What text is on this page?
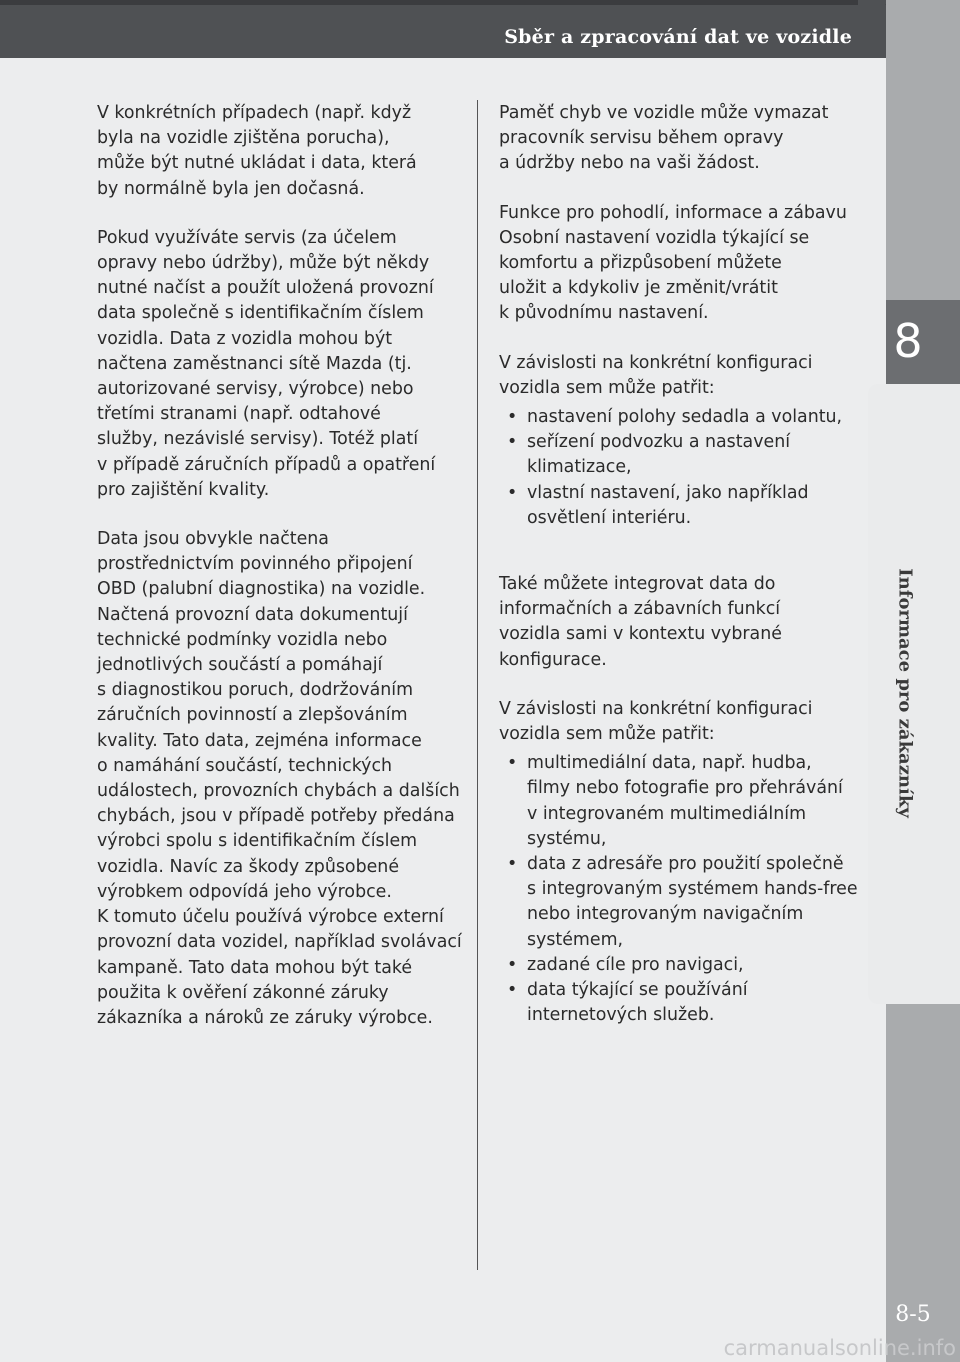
Sběr a zpracování dat ve vozidle
8
Informace pro zákazníky

V konkrétních případech (např. když
byla na vozidle zjištěna porucha),
může být nutné ukládat i data, která
by normálně byla jen dočasná.

Pokud využíváte servis (za účelem
opravy nebo údržby), může být někdy
nutné načíst a použít uložená provozní
data společně s identifikačním číslem
vozidla. Data z vozidla mohou být
načtena zaměstnanci sítě Mazda (tj.
autorizované servisy, výrobce) nebo
třetími stranami (např. odtahové
služby, nezávislé servisy). Totéž platí
v případě záručních případů a opatření
pro zajištění kvality.

Data jsou obvykle načtena
prostřednictvím povinného připojení
OBD (palubní diagnostika) na vozidle.
Načtená provozní data dokumentují
technické podmínky vozidla nebo
jednotlivých součástí a pomáhají
s diagnostikou poruch, dodržováním
záručních povinností a zlepšováním
kvality. Tato data, zejména informace
o namáhání součástí, technických
událostech, provozních chybách a dalších
chybách, jsou v případě potřeby předána
výrobci spolu s identifikačním číslem
vozidla. Navíc za škody způsobené
výrobkem odpovídá jeho výrobce.
K tomuto účelu používá výrobce externí
provozní data vozidel, například svolávací
kampaně. Tato data mohou být také
použita k ověření zákonné záruky
zákazníka a nároků ze záruky výrobce.

Paměť chyb ve vozidle může vymazat
pracovník servisu během opravy
a údržby nebo na vaši žádost.

Funkce pro pohodlí, informace a zábavu
Osobní nastavení vozidla týkající se
komfortu a přizpůsobení můžete
uložit a kdykoliv je změnit/vrátit
k původnímu nastavení.

V závislosti na konkrétní konfiguraci
vozidla sem může patřit:

• nastavení polohy sedadla a volantu,
• seřízení podvozku a nastavení
klimatizace,
• vlastní nastavení, jako například
osvětlení interiéru.

Také můžete integrovat data do
informačních a zábavních funkcí
vozidla sami v kontextu vybrané
konfigurace.

V závislosti na konkrétní konfiguraci
vozidla sem může patřit:

• multimediální data, např. hudba,
filmy nebo fotografie pro přehrávání
v integrovaném multimediálním
systému,
• data z adresáře pro použití společně
s integrovaným systémem hands-free
nebo integrovaným navigačním
systémem,
• zadané cíle pro navigaci,
• data týkající se používání
internetových služeb.
8-5
carmanualsonline.info
